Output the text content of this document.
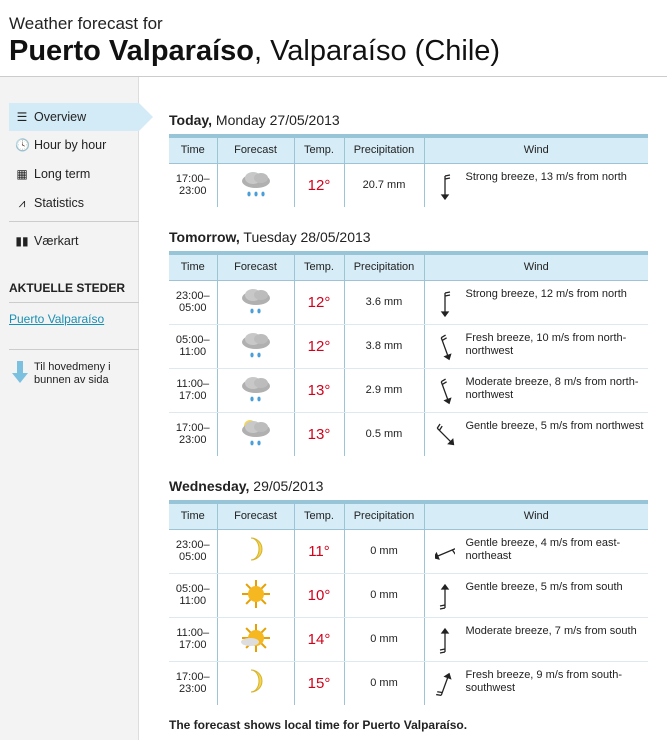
Weather forecast for
Puerto Valparaíso, Valparaíso (Chile)
☰ Overview
🕓 Hour by hour
▦ Long term
⩘ Statistics
▮▮ Værkart
AKTUELLE STEDER
Puerto Valparaíso
Til hovedmeny i bunnen av sida
Today, Monday 27/05/2013
Time	Forecast	Temp.	Precipitation	Wind
17:00–23:00		12°	20.7 mm	Strong breeze, 13 m/s from north
Tomorrow, Tuesday 28/05/2013
Time	Forecast	Temp.	Precipitation	Wind
23:00–05:00		12°	3.6 mm	Strong breeze, 12 m/s from north
05:00–11:00		12°	3.8 mm	Fresh breeze, 10 m/s from north-northwest
11:00–17:00		13°	2.9 mm	Moderate breeze, 8 m/s from north-northwest
17:00–23:00		13°	0.5 mm	Gentle breeze, 5 m/s from northwest
Wednesday, 29/05/2013
Time	Forecast	Temp.	Precipitation	Wind
23:00–05:00		11°	0 mm	Gentle breeze, 4 m/s from east-northeast
05:00–11:00		10°	0 mm	Gentle breeze, 5 m/s from south
11:00–17:00		14°	0 mm	Moderate breeze, 7 m/s from south
17:00–23:00		15°	0 mm	Fresh breeze, 9 m/s from south-southwest
The forecast shows local time for Puerto Valparaíso.
